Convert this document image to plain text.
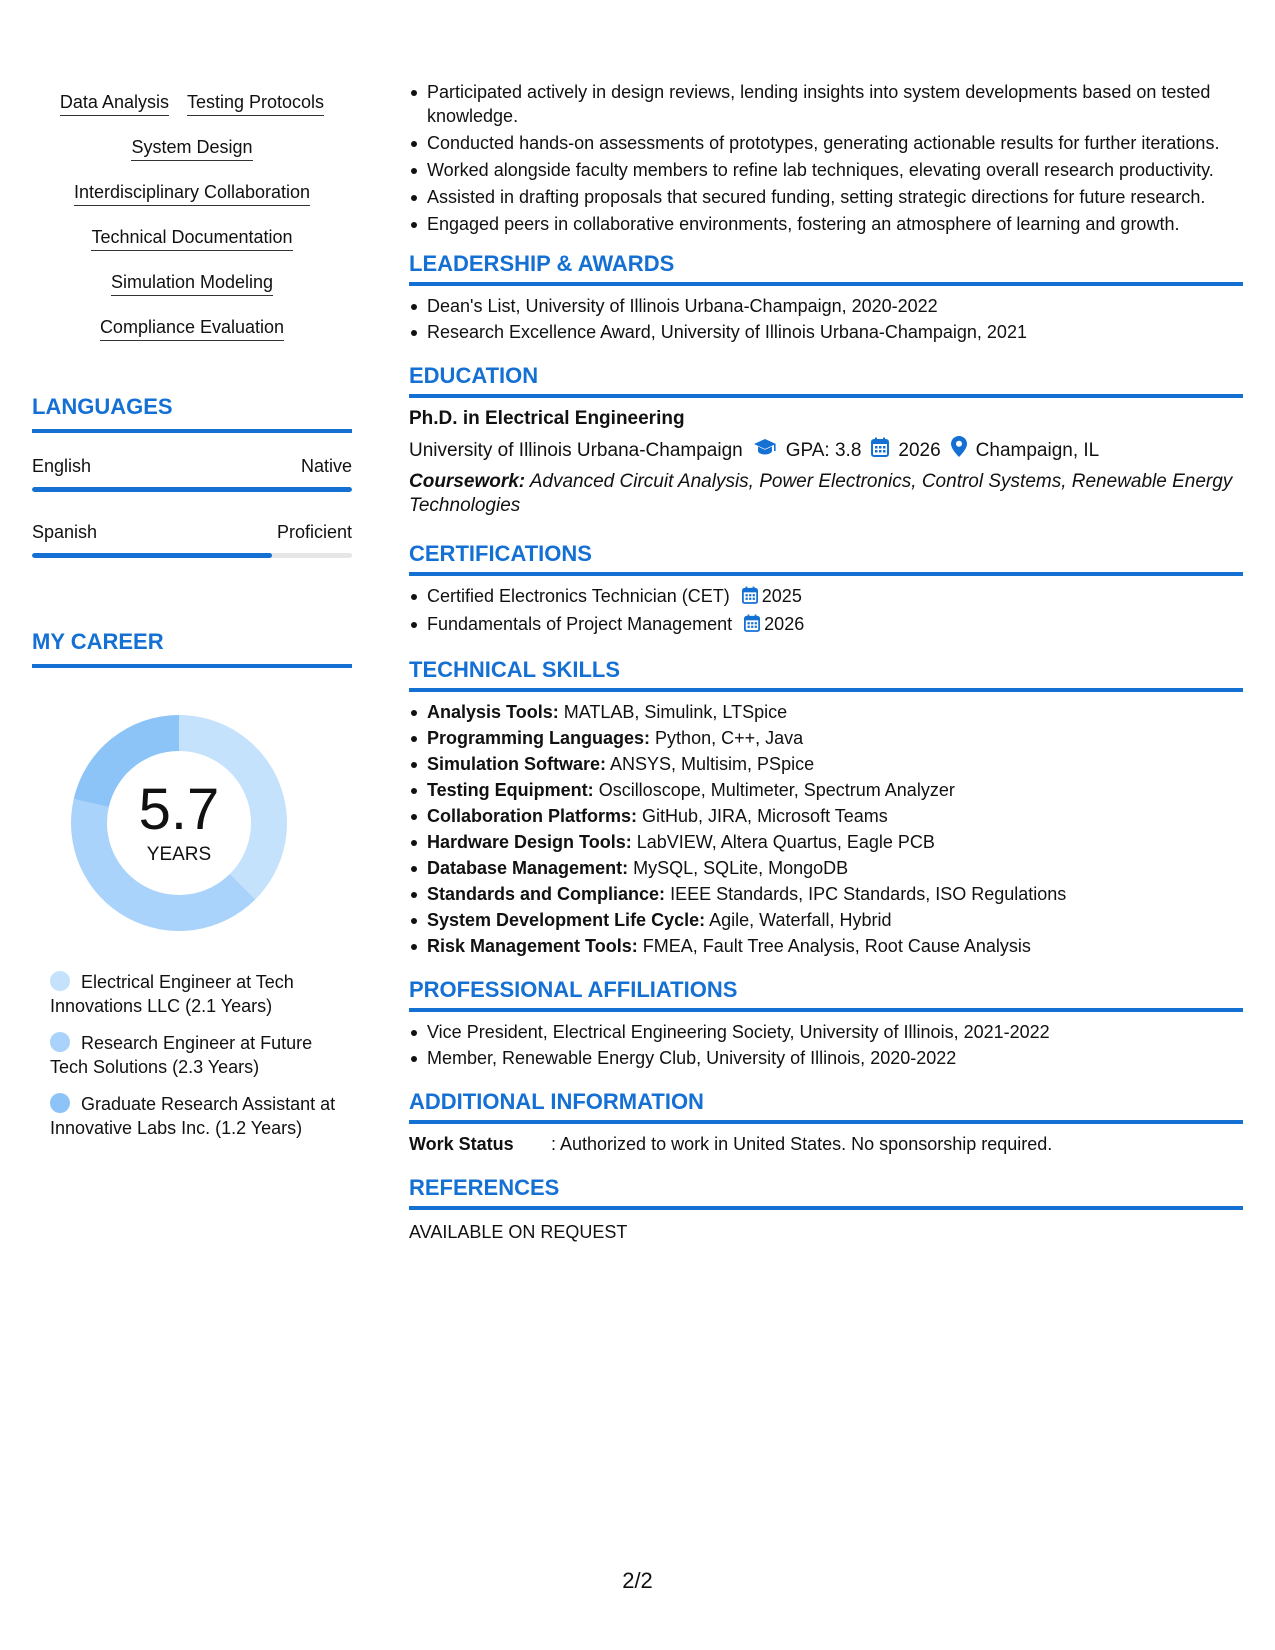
Data Analysis Testing Protocols
System Design
Interdisciplinary Collaboration
Technical Documentation
Simulation Modeling
Compliance Evaluation
LANGUAGES
English	Native
Spanish	Proficient
MY CAREER
5.7
YEARS
Electrical Engineer at Tech Innovations LLC (2.1 Years)
Research Engineer at Future Tech Solutions (2.3 Years)
Graduate Research Assistant at Innovative Labs Inc. (1.2 Years)
Participated actively in design reviews, lending insights into system developments based on tested knowledge.
Conducted hands-on assessments of prototypes, generating actionable results for further iterations.
Worked alongside faculty members to refine lab techniques, elevating overall research productivity.
Assisted in drafting proposals that secured funding, setting strategic directions for future research.
Engaged peers in collaborative environments, fostering an atmosphere of learning and growth.
LEADERSHIP & AWARDS
Dean's List, University of Illinois Urbana-Champaign, 2020-2022
Research Excellence Award, University of Illinois Urbana-Champaign, 2021
EDUCATION
Ph.D. in Electrical Engineering
University of Illinois Urbana-Champaign GPA: 3.8 2026 Champaign, IL
Coursework: Advanced Circuit Analysis, Power Electronics, Control Systems, Renewable Energy Technologies
CERTIFICATIONS
Certified Electronics Technician (CET) 2025
Fundamentals of Project Management 2026
TECHNICAL SKILLS
Analysis Tools: MATLAB, Simulink, LTSpice
Programming Languages: Python, C++, Java
Simulation Software: ANSYS, Multisim, PSpice
Testing Equipment: Oscilloscope, Multimeter, Spectrum Analyzer
Collaboration Platforms: GitHub, JIRA, Microsoft Teams
Hardware Design Tools: LabVIEW, Altera Quartus, Eagle PCB
Database Management: MySQL, SQLite, MongoDB
Standards and Compliance: IEEE Standards, IPC Standards, ISO Regulations
System Development Life Cycle: Agile, Waterfall, Hybrid
Risk Management Tools: FMEA, Fault Tree Analysis, Root Cause Analysis
PROFESSIONAL AFFILIATIONS
Vice President, Electrical Engineering Society, University of Illinois, 2021-2022
Member, Renewable Energy Club, University of Illinois, 2020-2022
ADDITIONAL INFORMATION
Work Status	: Authorized to work in United States. No sponsorship required.
REFERENCES
AVAILABLE ON REQUEST
2/2
